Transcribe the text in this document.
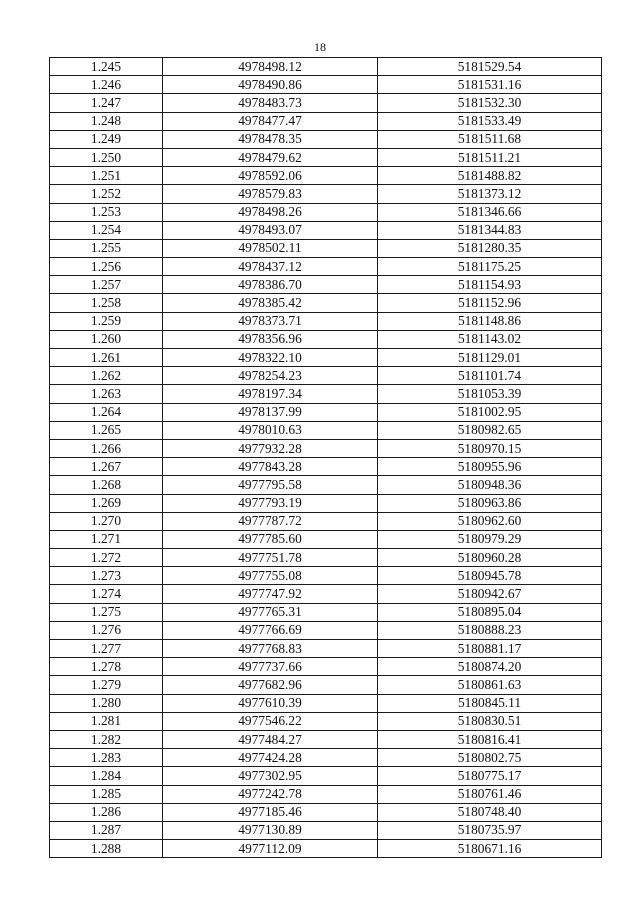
18
1.245	4978498.12	5181529.54
1.246	4978490.86	5181531.16
1.247	4978483.73	5181532.30
1.248	4978477.47	5181533.49
1.249	4978478.35	5181511.68
1.250	4978479.62	5181511.21
1.251	4978592.06	5181488.82
1.252	4978579.83	5181373.12
1.253	4978498.26	5181346.66
1.254	4978493.07	5181344.83
1.255	4978502.11	5181280.35
1.256	4978437.12	5181175.25
1.257	4978386.70	5181154.93
1.258	4978385.42	5181152.96
1.259	4978373.71	5181148.86
1.260	4978356.96	5181143.02
1.261	4978322.10	5181129.01
1.262	4978254.23	5181101.74
1.263	4978197.34	5181053.39
1.264	4978137.99	5181002.95
1.265	4978010.63	5180982.65
1.266	4977932.28	5180970.15
1.267	4977843.28	5180955.96
1.268	4977795.58	5180948.36
1.269	4977793.19	5180963.86
1.270	4977787.72	5180962.60
1.271	4977785.60	5180979.29
1.272	4977751.78	5180960.28
1.273	4977755.08	5180945.78
1.274	4977747.92	5180942.67
1.275	4977765.31	5180895.04
1.276	4977766.69	5180888.23
1.277	4977768.83	5180881.17
1.278	4977737.66	5180874.20
1.279	4977682.96	5180861.63
1.280	4977610.39	5180845.11
1.281	4977546.22	5180830.51
1.282	4977484.27	5180816.41
1.283	4977424.28	5180802.75
1.284	4977302.95	5180775.17
1.285	4977242.78	5180761.46
1.286	4977185.46	5180748.40
1.287	4977130.89	5180735.97
1.288	4977112.09	5180671.16
